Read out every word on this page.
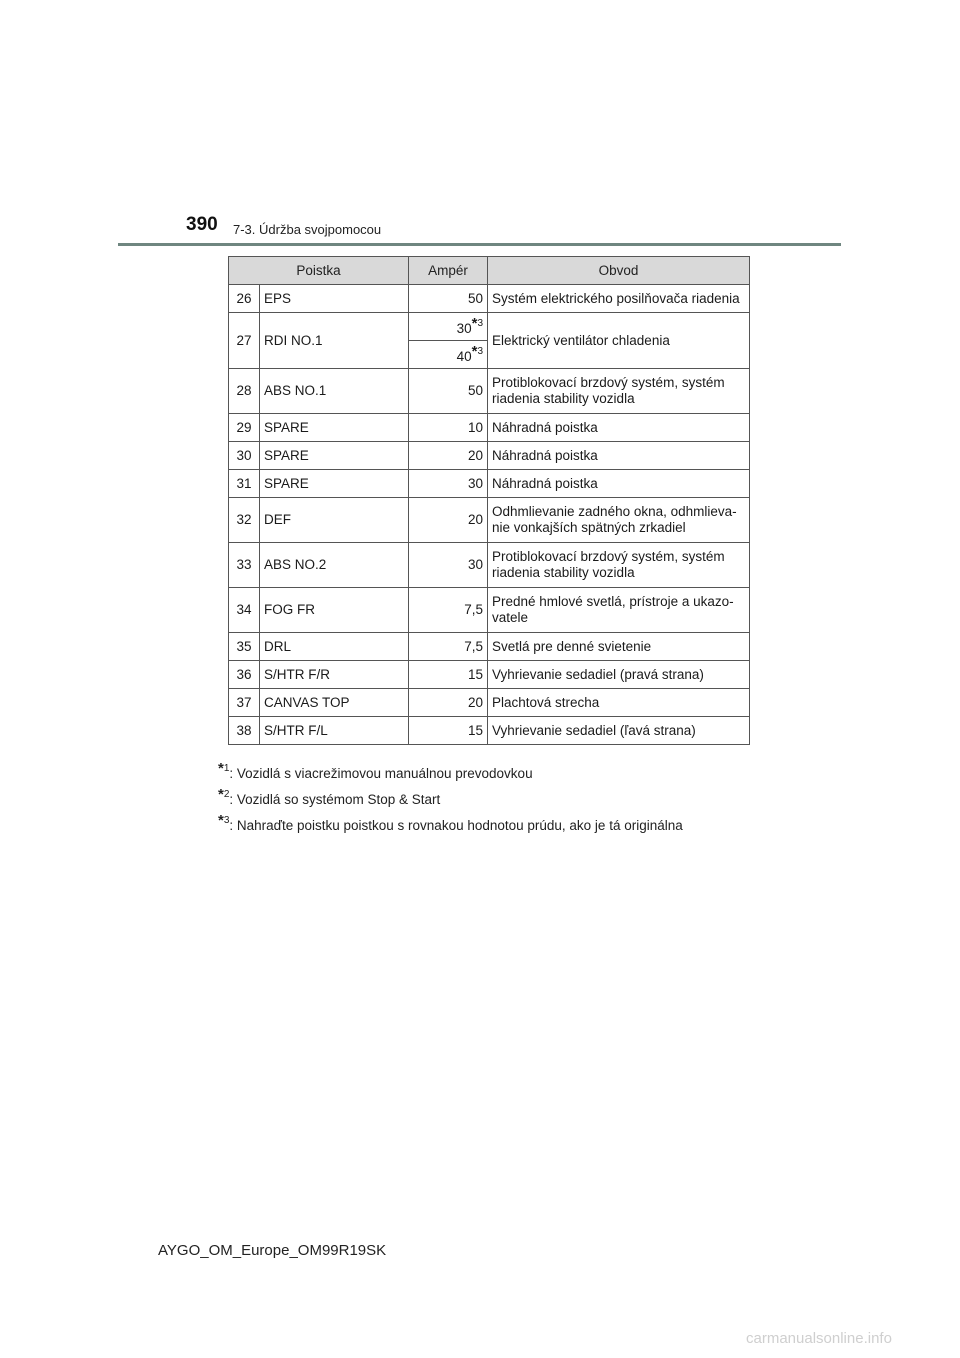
390 7-3. Údržba svojpomocou
Poistka		Ampér	Obvod
26	EPS	50	Systém elektrického posilňovača riadenia
27	RDI NO.1	30*$^3$	Elektrický ventilátor chladenia
		40*$^3$
28	ABS NO.1	50	Protiblokovací brzdový systém, systém
riadenia stability vozidla
29	SPARE	10	Náhradná poistka
30	SPARE	20	Náhradná poistka
31	SPARE	30	Náhradná poistka
32	DEF	20	Odhmlievanie zadného okna, odhmlieva-
nie vonkajších spätných zrkadiel
33	ABS NO.2	30	Protiblokovací brzdový systém, systém
riadenia stability vozidla
34	FOG FR	7,5	Predné hmlové svetlá, prístroje a ukazo-
vatele
35	DRL	7,5	Svetlá pre denné svietenie
36	S/HTR F/R	15	Vyhrievanie sedadiel (pravá strana)
37	CANVAS TOP	20	Plachtová strecha
38	S/HTR F/L	15	Vyhrievanie sedadiel (ľavá strana)
*$^1$: Vozidlá s viacrežimovou manuálnou prevodovkou
*$^2$: Vozidlá so systémom Stop & Start
*$^3$: Nahraďte poistku poistkou s rovnakou hodnotou prúdu, ako je tá originálna
AYGO_OM_Europe_OM99R19SK
carmanualsonline.info
